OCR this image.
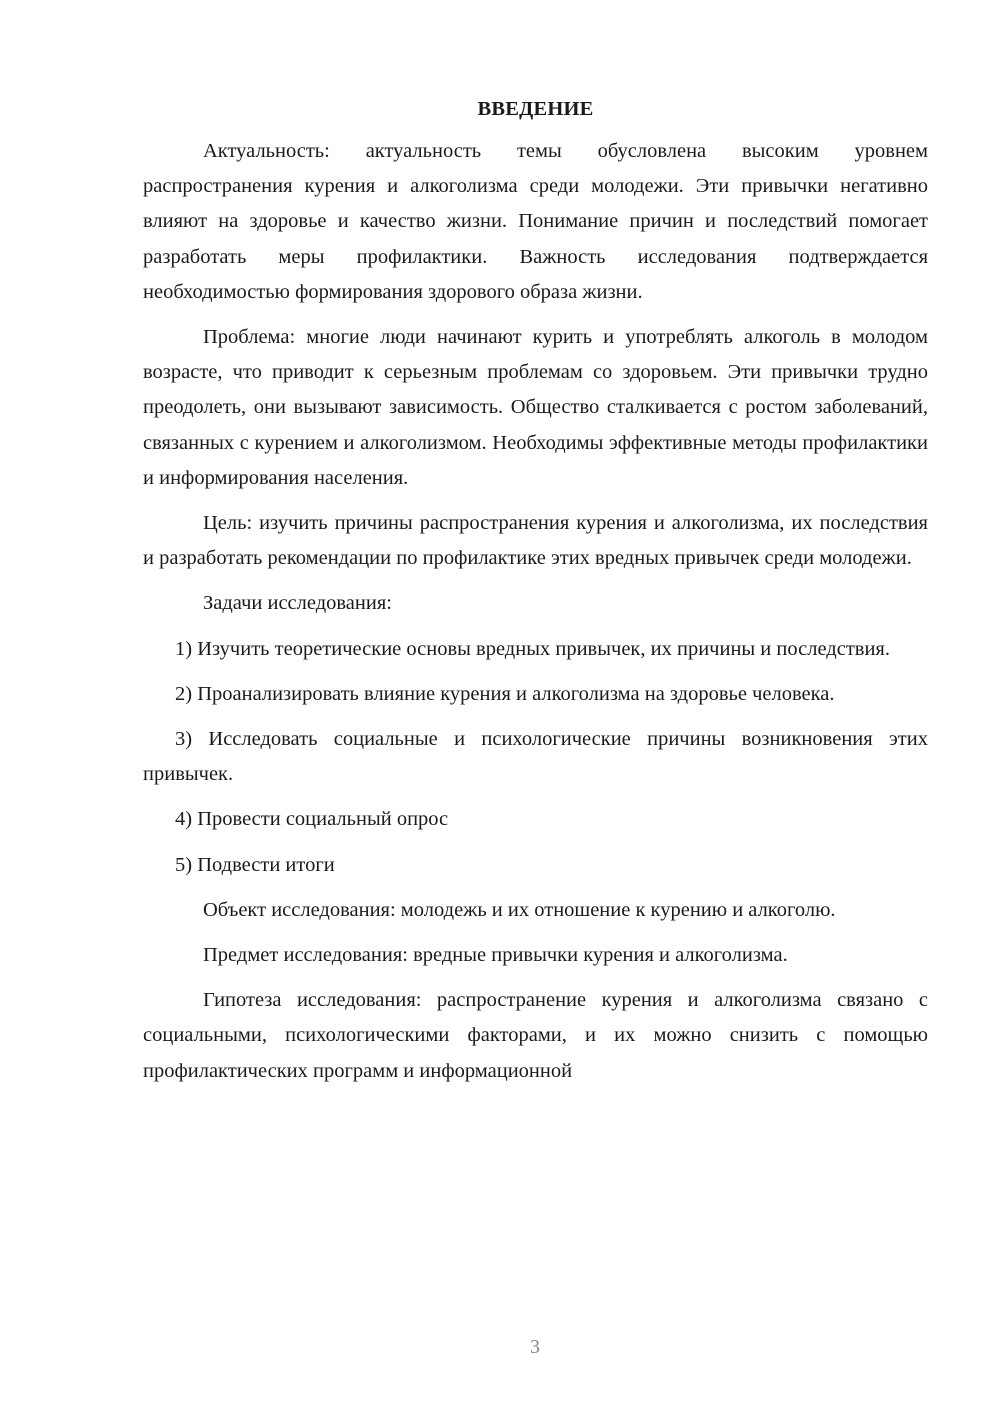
ВВЕДЕНИЕ

Актуальность: актуальность темы обусловлена высоким уровнем распространения курения и алкоголизма среди молодежи. Эти привычки негативно влияют на здоровье и качество жизни. Понимание причин и последствий помогает разработать меры профилактики. Важность исследования подтверждается необходимостью формирования здорового образа жизни.

Проблема: многие люди начинают курить и употреблять алкоголь в молодом возрасте, что приводит к серьезным проблемам со здоровьем. Эти привычки трудно преодолеть, они вызывают зависимость. Общество сталкивается с ростом заболеваний, связанных с курением и алкоголизмом. Необходимы эффективные методы профилактики и информирования населения.

Цель: изучить причины распространения курения и алкоголизма, их последствия и разработать рекомендации по профилактике этих вредных привычек среди молодежи.

Задачи исследования:

1) Изучить теоретические основы вредных привычек, их причины и последствия.

2) Проанализировать влияние курения и алкоголизма на здоровье человека.

3) Исследовать социальные и психологические причины возникновения этих привычек.

4) Провести социальный опрос

5) Подвести итоги

Объект исследования: молодежь и их отношение к курению и алкоголю.

Предмет исследования: вредные привычки курения и алкоголизма.

Гипотеза исследования: распространение курения и алкоголизма связано с социальными, психологическими факторами, и их можно снизить с помощью профилактических программ и информационной

3
